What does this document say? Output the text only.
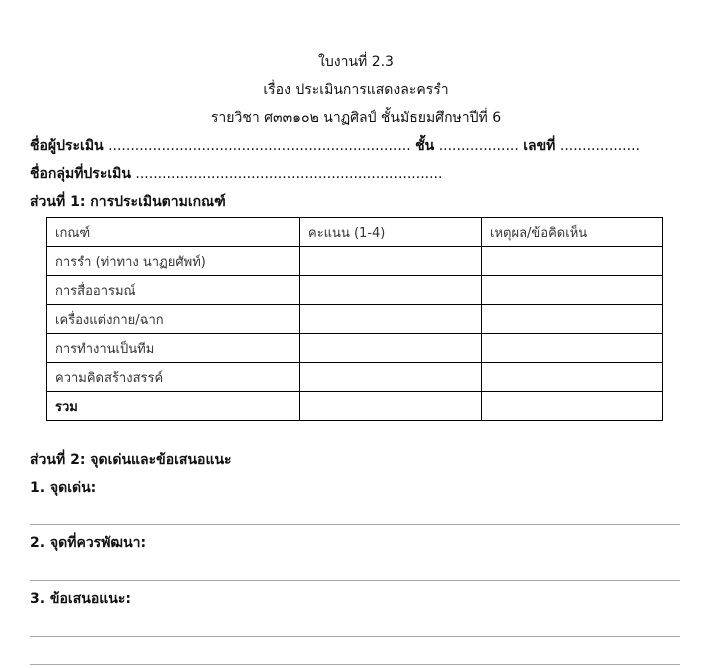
ใบงานที่ 2.3
เรื่อง ประเมินการแสดงละครรำ
รายวิชา ศ๓๓๑๐๒ นาฏศิลป์ ชั้นมัธยมศึกษาปีที่ 6
ชื่อผู้ประเมิน .................................................................... ชั้น .................. เลขที่ ..................
ชื่อกลุ่มที่ประเมิน .....................................................................
ส่วนที่ 1: การประเมินตามเกณฑ์
เกณฑ์	คะแนน (1-4)	เหตุผล/ข้อคิดเห็น
การรำ (ท่าทาง นาฏยศัพท์)		
การสื่ออารมณ์		
เครื่องแต่งกาย/ฉาก		
การทำงานเป็นทีม		
ความคิดสร้างสรรค์		
รวม		
ส่วนที่ 2: จุดเด่นและข้อเสนอแนะ
1. จุดเด่น:
2. จุดที่ควรพัฒนา:
3. ข้อเสนอแนะ:
